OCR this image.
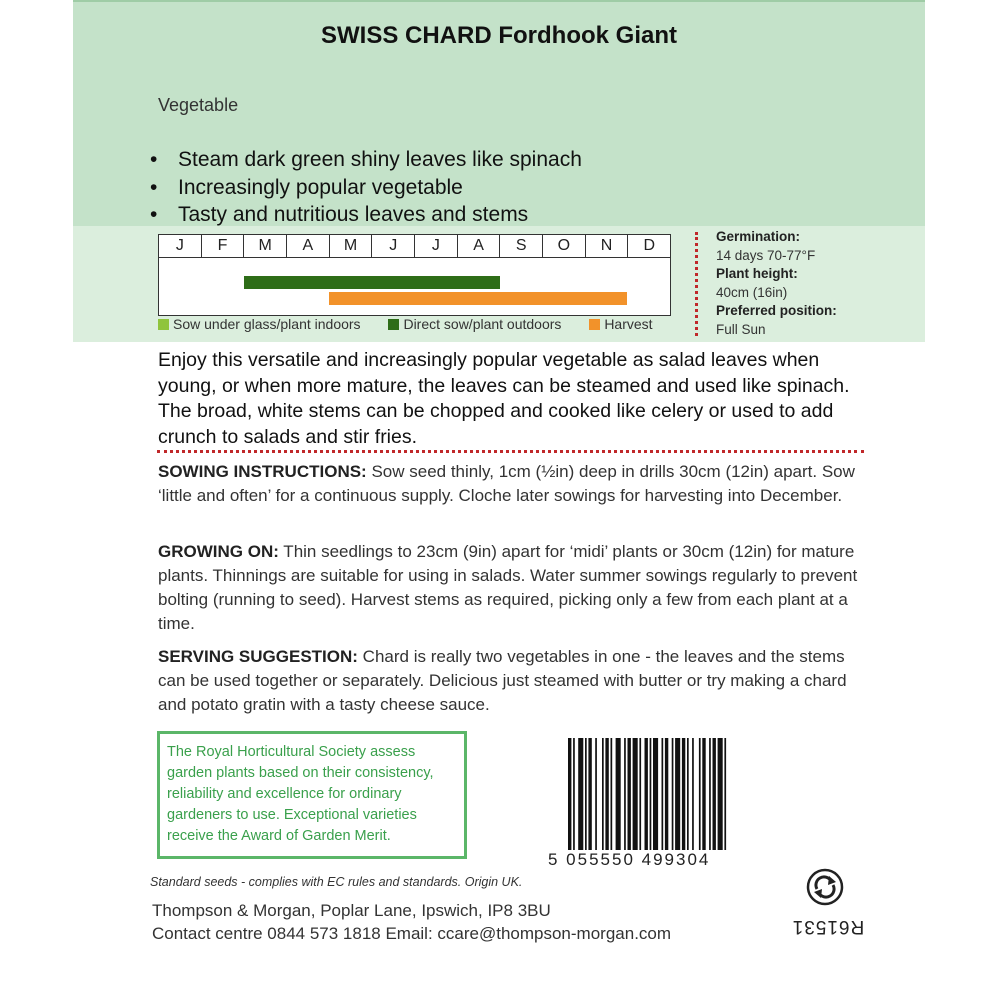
SWISS CHARD Fordhook Giant
Vegetable
• Steam dark green shiny leaves like spinach
• Increasingly popular vegetable
• Tasty and nutritious leaves and stems
J	F	M	A	M	J	J	A	S	O	N	D
Sow under glass/plant indoors	Direct sow/plant outdoors	Harvest
Germination:
14 days 70-77°F
Plant height:
40cm (16in)
Preferred position:
Full Sun

Enjoy this versatile and increasingly popular vegetable as salad leaves when young, or when more mature, the leaves can be steamed and used like spinach. The broad, white stems can be chopped and cooked like celery or used to add crunch to salads and stir fries.

SOWING INSTRUCTIONS: Sow seed thinly, 1cm (½in) deep in drills 30cm (12in) apart. Sow ‘little and often’ for a continuous supply. Cloche later sowings for harvesting into December.

GROWING ON: Thin seedlings to 23cm (9in) apart for ‘midi’ plants or 30cm (12in) for mature plants. Thinnings are suitable for using in salads. Water summer sowings regularly to prevent bolting (running to seed). Harvest stems as required, picking only a few from each plant at a time.

SERVING SUGGESTION: Chard is really two vegetables in one - the leaves and the stems can be used together or separately. Delicious just steamed with butter or try making a chard and potato gratin with a tasty cheese sauce.

The Royal Horticultural Society assess garden plants based on their consistency, reliability and excellence for ordinary gardeners to use. Exceptional varieties receive the Award of Garden Merit.

5 055550 499304
Standard seeds - complies with EC rules and standards. Origin UK.

Thompson & Morgan, Poplar Lane, Ipswich, IP8 3BU
Contact centre 0844 573 1818 Email: ccare@thompson-morgan.com	R61531
